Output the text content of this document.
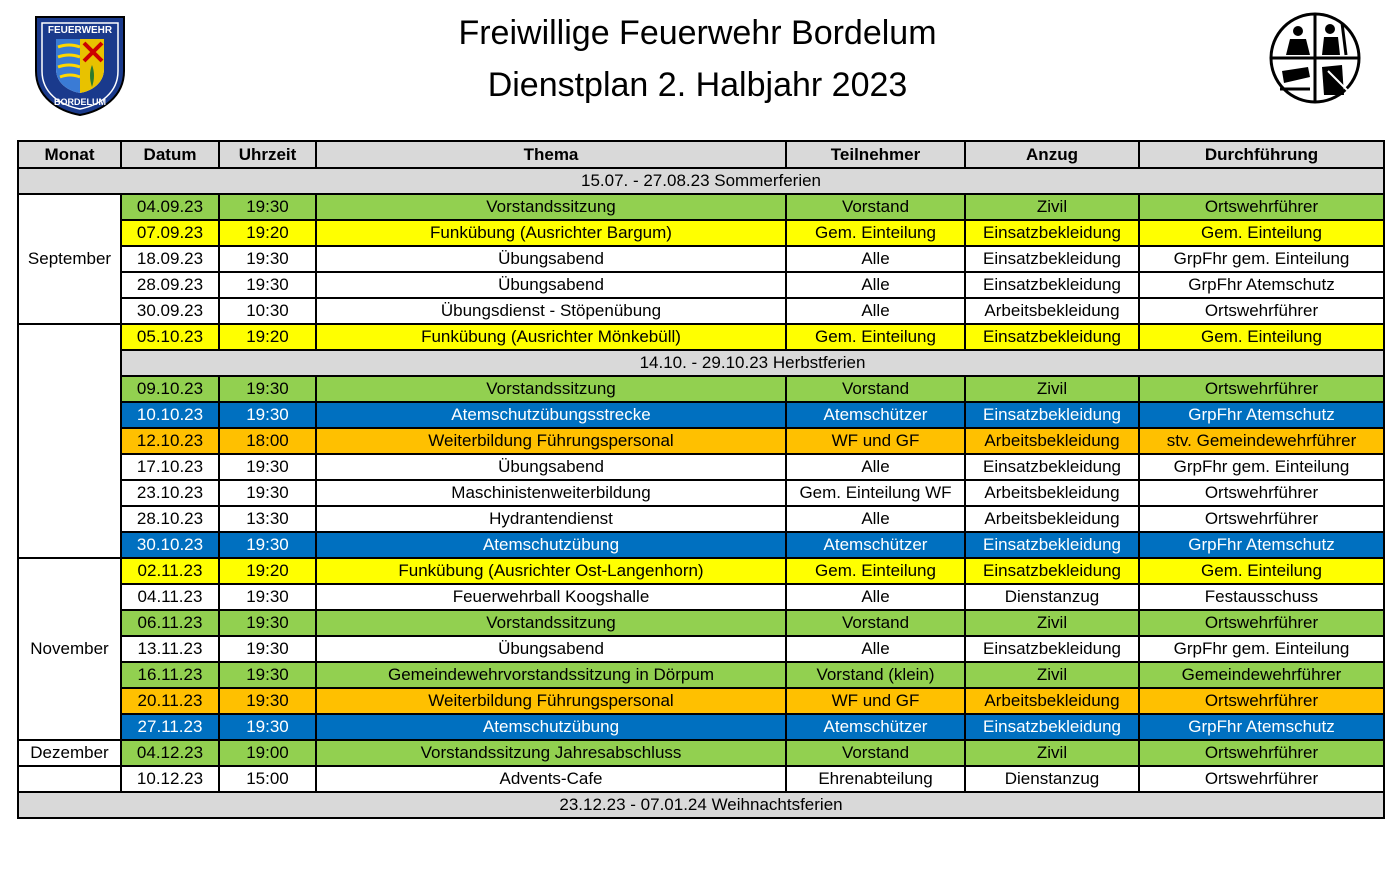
FEUERWEHR
BORDELUM
Freiwillige Feuerwehr Bordelum
Dienstplan 2. Halbjahr 2023
Monat	Datum	Uhrzeit	Thema	Teilnehmer	Anzug	Durchführung
15.07. - 27.08.23 Sommerferien						
September	04.09.23	19:30	Vorstandssitzung	Vorstand	Zivil	Ortswehrführer
	07.09.23	19:20	Funkübung (Ausrichter Bargum)	Gem. Einteilung	Einsatzbekleidung	Gem. Einteilung
	18.09.23	19:30	Übungsabend	Alle	Einsatzbekleidung	GrpFhr gem. Einteilung
	28.09.23	19:30	Übungsabend	Alle	Einsatzbekleidung	GrpFhr Atemschutz
	30.09.23	10:30	Übungsdienst - Stöpenübung	Alle	Arbeitsbekleidung	Ortswehrführer
	05.10.23	19:20	Funkübung (Ausrichter Mönkebüll)	Gem. Einteilung	Einsatzbekleidung	Gem. Einteilung
	14.10. - 29.10.23 Herbstferien					
	09.10.23	19:30	Vorstandssitzung	Vorstand	Zivil	Ortswehrführer
	10.10.23	19:30	Atemschutzübungsstrecke	Atemschützer	Einsatzbekleidung	GrpFhr Atemschutz
	12.10.23	18:00	Weiterbildung Führungspersonal	WF und GF	Arbeitsbekleidung	stv. Gemeindewehrführer
	17.10.23	19:30	Übungsabend	Alle	Einsatzbekleidung	GrpFhr gem. Einteilung
	23.10.23	19:30	Maschinistenweiterbildung	Gem. Einteilung WF	Arbeitsbekleidung	Ortswehrführer
	28.10.23	13:30	Hydrantendienst	Alle	Arbeitsbekleidung	Ortswehrführer
	30.10.23	19:30	Atemschutzübung	Atemschützer	Einsatzbekleidung	GrpFhr Atemschutz
November	02.11.23	19:20	Funkübung (Ausrichter Ost-Langenhorn)	Gem. Einteilung	Einsatzbekleidung	Gem. Einteilung
	04.11.23	19:30	Feuerwehrball Koogshalle	Alle	Dienstanzug	Festausschuss
	06.11.23	19:30	Vorstandssitzung	Vorstand	Zivil	Ortswehrführer
	13.11.23	19:30	Übungsabend	Alle	Einsatzbekleidung	GrpFhr gem. Einteilung
	16.11.23	19:30	Gemeindewehrvorstandssitzung in Dörpum	Vorstand (klein)	Zivil	Gemeindewehrführer
	20.11.23	19:30	Weiterbildung Führungspersonal	WF und GF	Arbeitsbekleidung	Ortswehrführer
	27.11.23	19:30	Atemschutzübung	Atemschützer	Einsatzbekleidung	GrpFhr Atemschutz
Dezember	04.12.23	19:00	Vorstandssitzung Jahresabschluss	Vorstand	Zivil	Ortswehrführer
	10.12.23	15:00	Advents-Cafe	Ehrenabteilung	Dienstanzug	Ortswehrführer
23.12.23 - 07.01.24 Weihnachtsferien						
